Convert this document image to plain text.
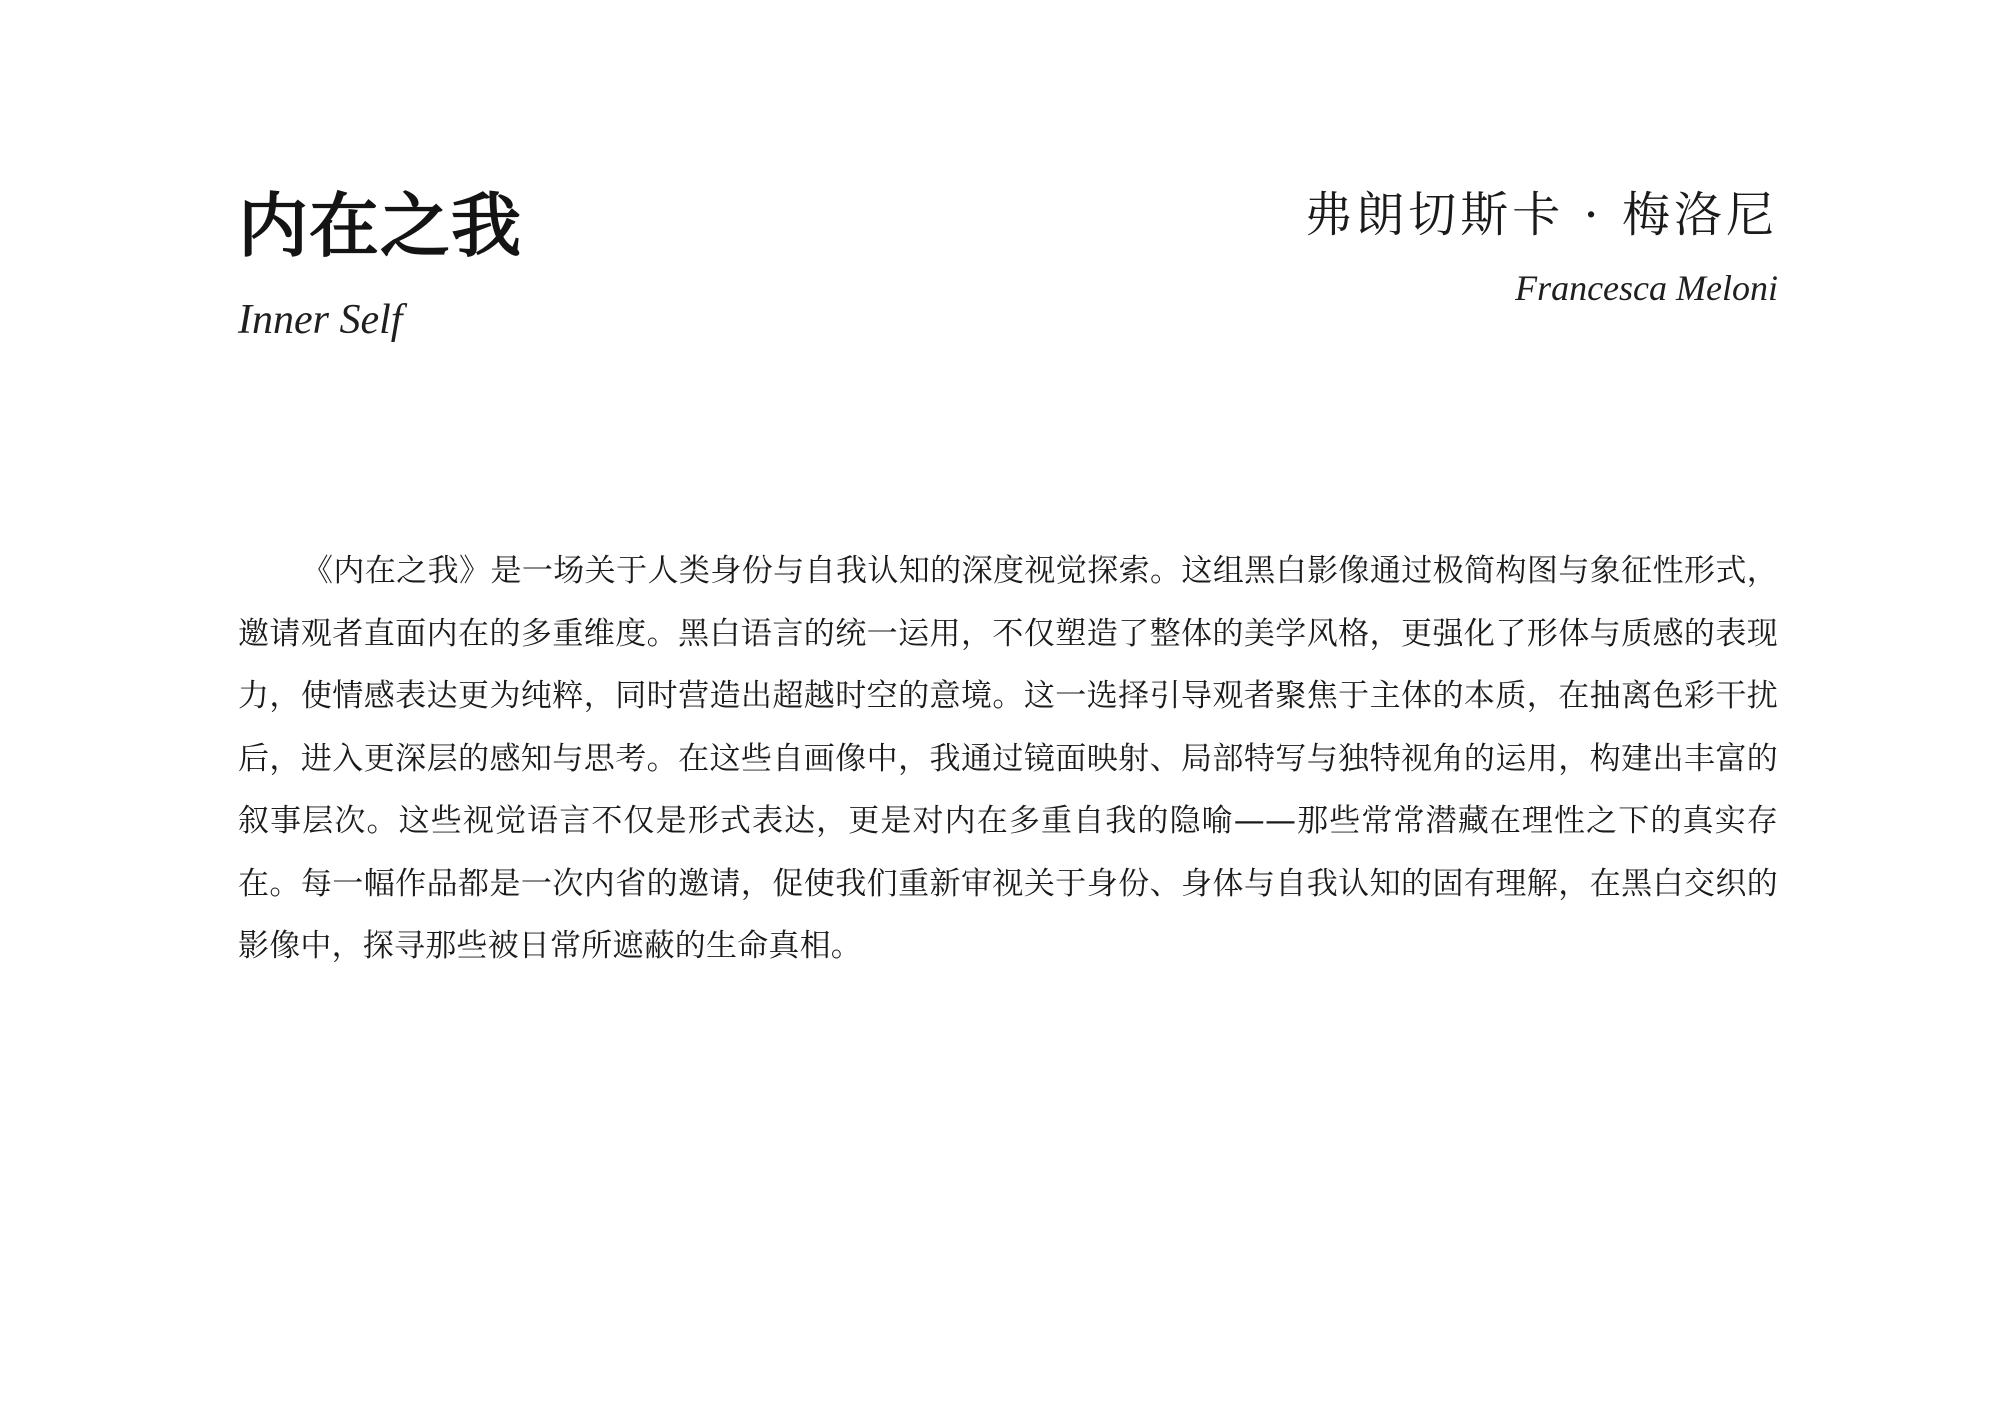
内在之我
Inner Self
弗朗切斯卡 · 梅洛尼
Francesca Meloni

《内在之我》是一场关于人类身份与自我认知的深度视觉探索。这组黑白影像通过极简构图与象征性形式，邀请观者直面内在的多重维度。黑白语言的统一运用，不仅塑造了整体的美学风格，更强化了形体与质感的表现力，使情感表达更为纯粹，同时营造出超越时空的意境。这一选择引导观者聚焦于主体的本质，在抽离色彩干扰后，进入更深层的感知与思考。在这些自画像中，我通过镜面映射、局部特写与独特视角的运用，构建出丰富的叙事层次。这些视觉语言不仅是形式表达，更是对内在多重自我的隐喻——那些常常潜藏在理性之下的真实存在。每一幅作品都是一次内省的邀请，促使我们重新审视关于身份、身体与自我认知的固有理解，在黑白交织的影像中，探寻那些被日常所遮蔽的生命真相。
